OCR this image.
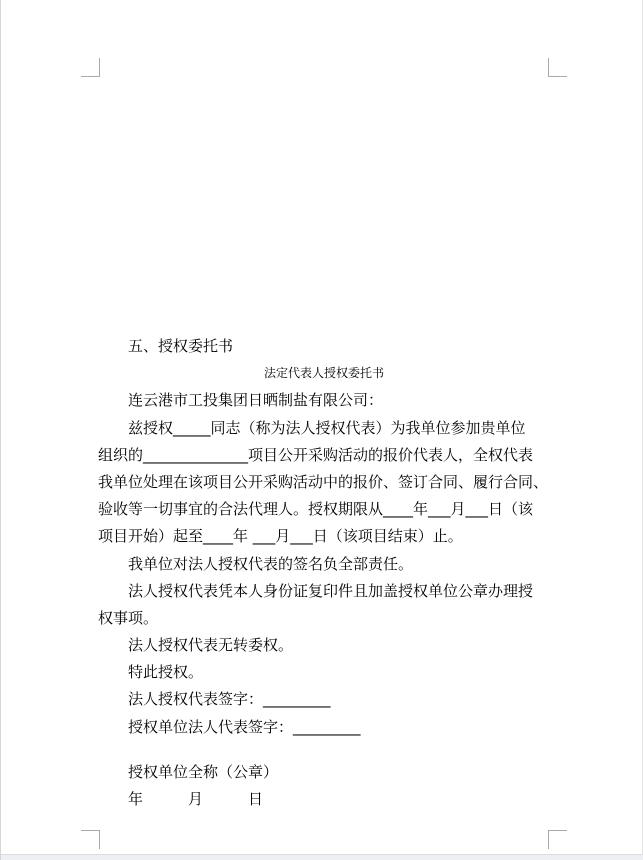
五、授权委托书
法定代表人授权委托书
连云港市工投集团日晒制盐有限公司：
兹授权_____同志（称为法人授权代表）为我单位参加贵单位
组织的______________项目公开采购活动的报价代表人，全权代表
我单位处理在该项目公开采购活动中的报价、签订合同、履行合同、
验收等一切事宜的合法代理人。授权期限从____年___月___日（该
项目开始）起至____年 ___月___日（该项目结束）止。
我单位对法人授权代表的签名负全部责任。
法人授权代表凭本人身份证复印件且加盖授权单位公章办理授
权事项。
法人授权代表无转委权。
特此授权。
法人授权代表签字：_________
授权单位法人代表签字：_________
授权单位全称（公章）
年　　　月　　　日
